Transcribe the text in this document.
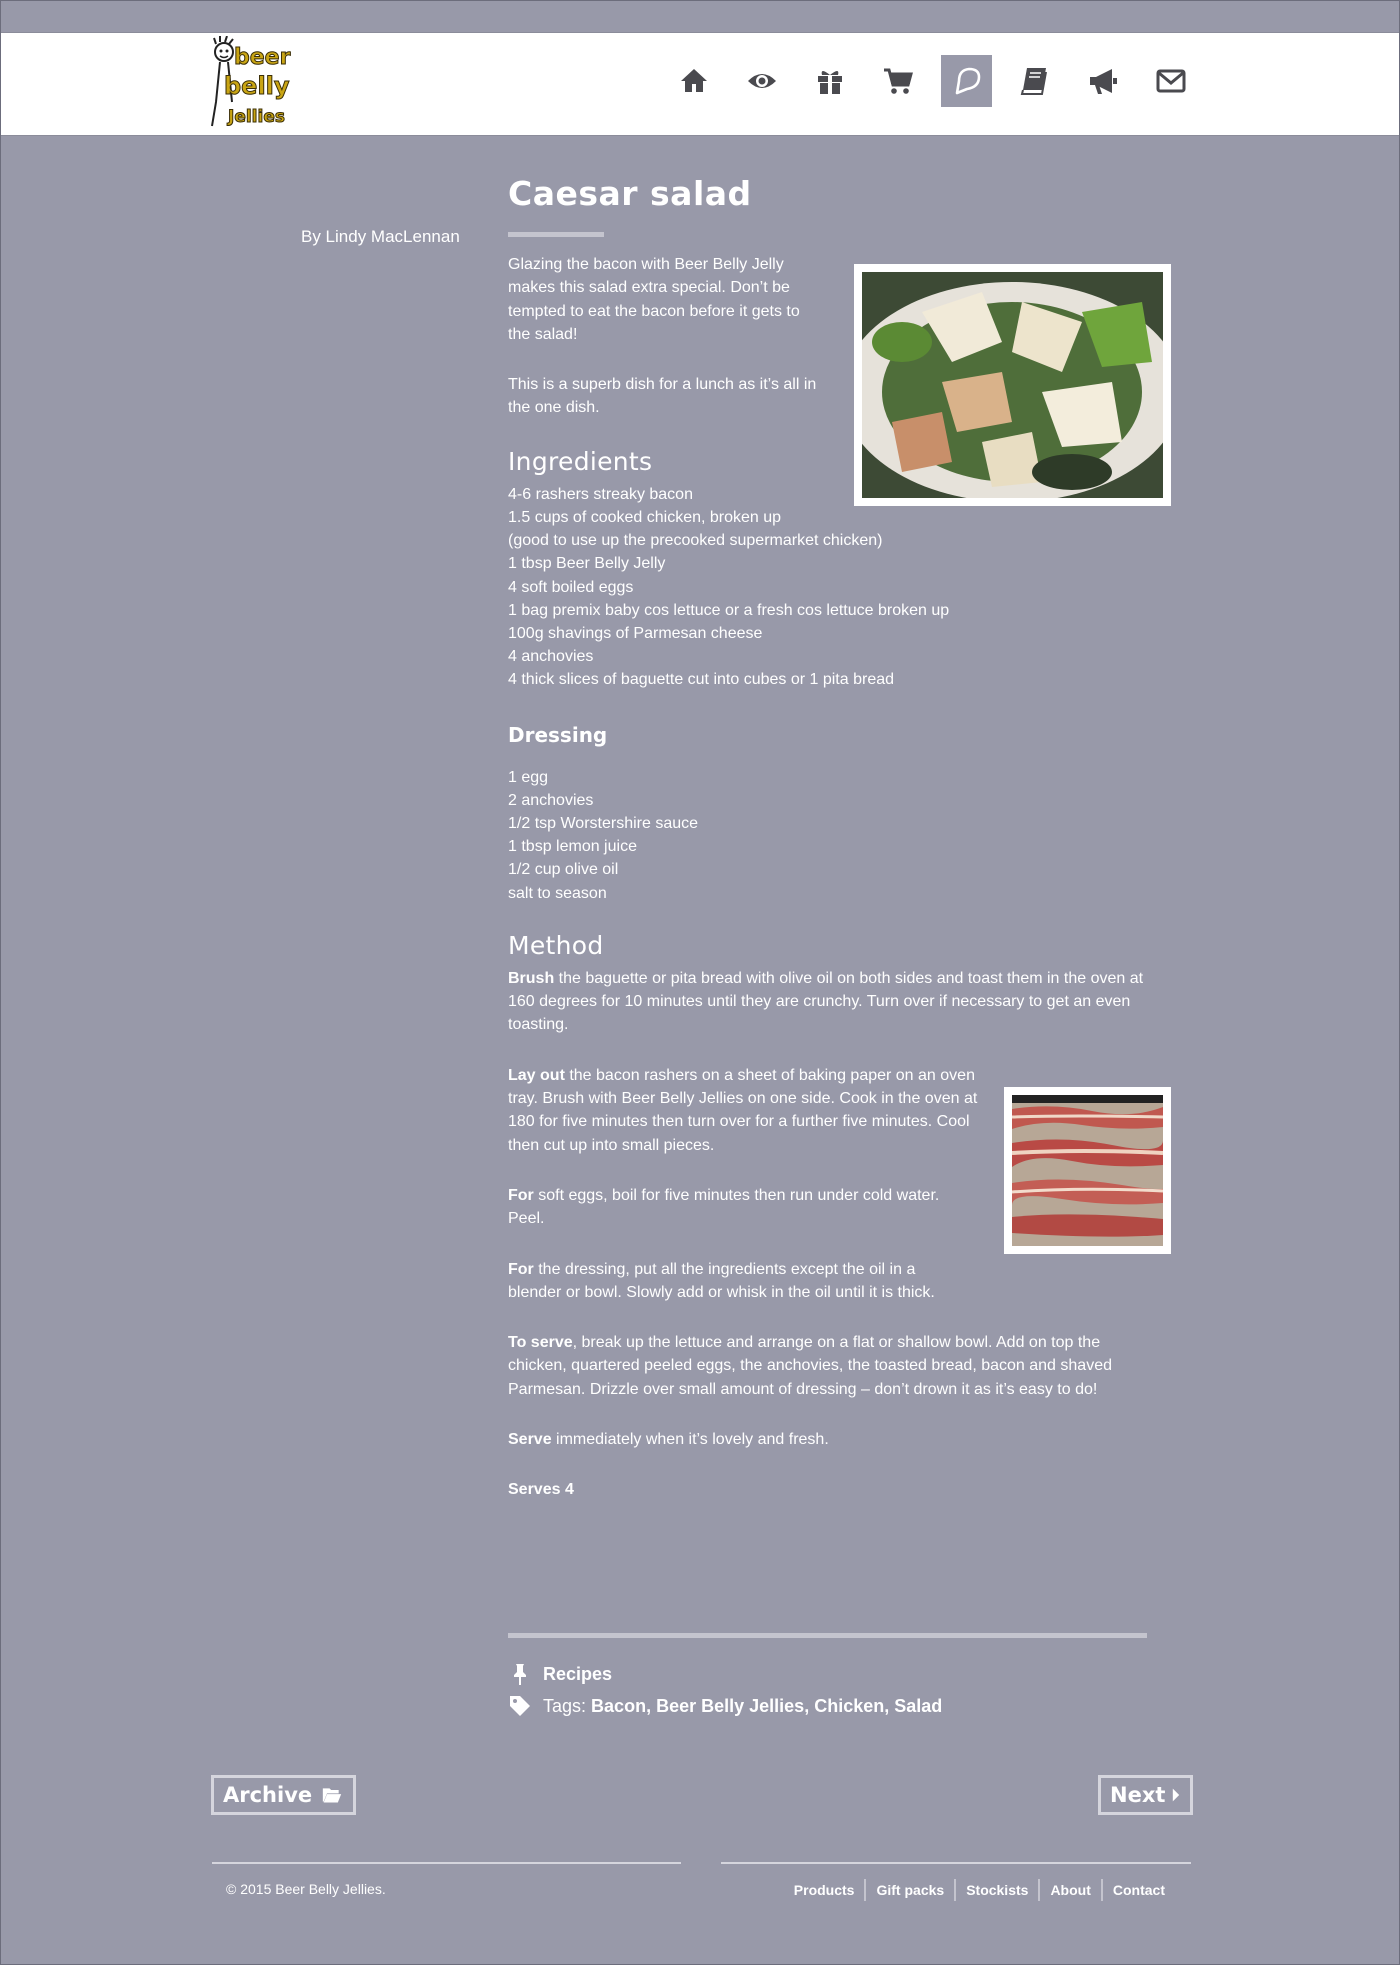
beer
belly
Jellies
By Lindy MacLennan
Caesar salad

Glazing the bacon with Beer Belly Jelly makes this salad extra special. Don’t be tempted to eat the bacon before it gets to the salad!

This is a superb dish for a lunch as it’s all in the one dish.

Ingredients
4-6 rashers streaky bacon
1.5 cups of cooked chicken, broken up
(good to use up the precooked supermarket chicken)
1 tbsp Beer Belly Jelly
4 soft boiled eggs
1 bag premix baby cos lettuce or a fresh cos lettuce broken up
100g shavings of Parmesan cheese
4 anchovies
4 thick slices of baguette cut into cubes or 1 pita bread
Dressing
1 egg
2 anchovies
1/2 tsp Worstershire sauce
1 tbsp lemon juice
1/2 cup olive oil
salt to season
Method

Brush the baguette or pita bread with olive oil on both sides and toast them in the oven at 160 degrees for 10 minutes until they are crunchy. Turn over if necessary to get an even toasting.

Lay out the bacon rashers on a sheet of baking paper on an oven tray. Brush with Beer Belly Jellies on one side. Cook in the oven at 180 for five minutes then turn over for a further five minutes. Cool then cut up into small pieces.

For soft eggs, boil for five minutes then run under cold water. Peel.

For the dressing, put all the ingredients except the oil in a blender or bowl. Slowly add or whisk in the oil until it is thick.

To serve, break up the lettuce and arrange on a flat or shallow bowl. Add on top the chicken, quartered peeled eggs, the anchovies, the toasted bread, bacon and shaved Parmesan. Drizzle over small amount of dressing – don’t drown it as it’s easy to do!

Serve immediately when it’s lovely and fresh.

Serves 4

Recipes
Tags:
Bacon , Beer Belly Jellies , Chicken , Salad
Archive	Next
© 2015 Beer Belly Jellies.	Products	Gift packs	Stockists	About	Contact
